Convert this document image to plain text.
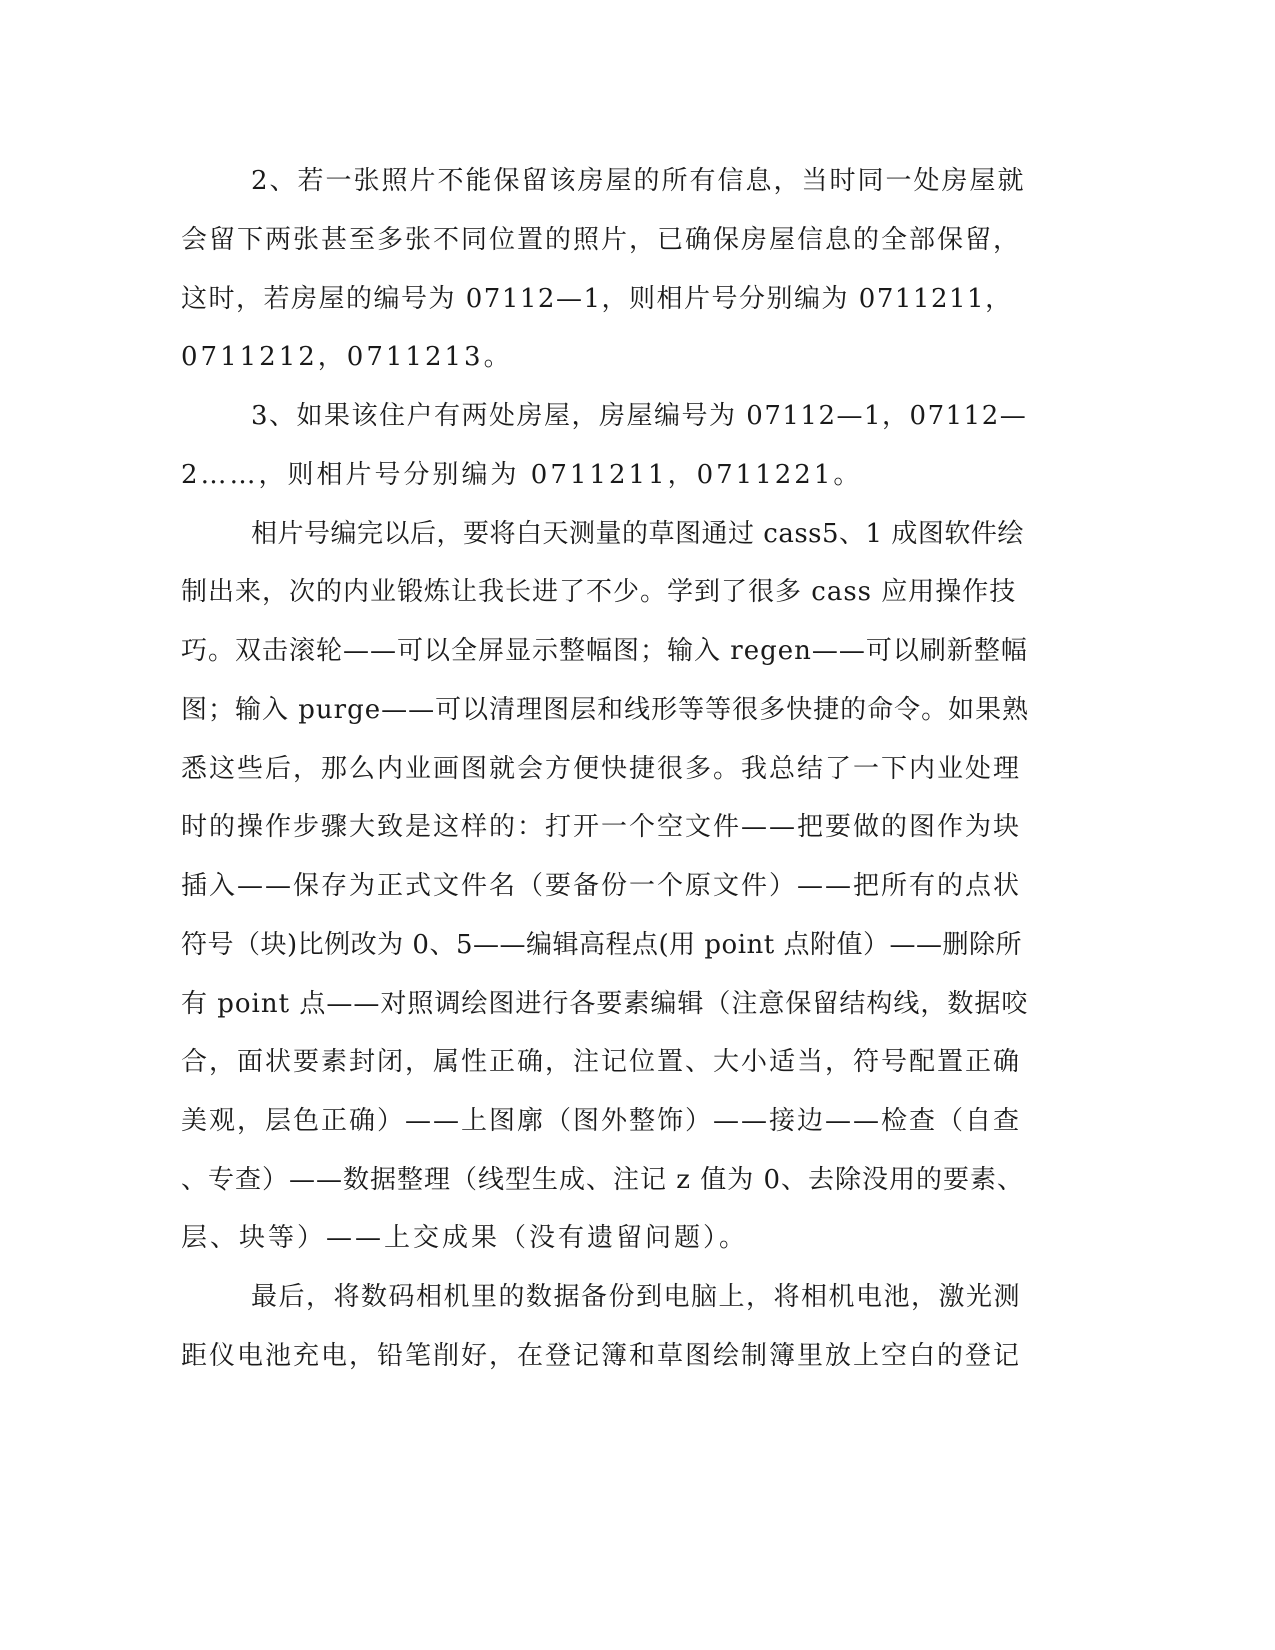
2、若一张照片不能保留该房屋的所有信息，当时同一处房屋就
会留下两张甚至多张不同位置的照片，已确保房屋信息的全部保留，
这时，若房屋的编号为 07112—1，则相片号分别编为 0711211，
0711212，0711213。
3、如果该住户有两处房屋，房屋编号为 07112—1，07112—
2……，则相片号分别编为 0711211，0711221。
相片号编完以后，要将白天测量的草图通过 cass5、1 成图软件绘
制出来，次的内业锻炼让我长进了不少。学到了很多 cass 应用操作技
巧。双击滚轮——可以全屏显示整幅图；输入 regen——可以刷新整幅
图；输入 purge——可以清理图层和线形等等很多快捷的命令。如果熟
悉这些后，那么内业画图就会方便快捷很多。我总结了一下内业处理
时的操作步骤大致是这样的：打开一个空文件——把要做的图作为块
插入——保存为正式文件名（要备份一个原文件）——把所有的点状
符号（块)比例改为 0、5——编辑高程点(用 point 点附值）——删除所
有 point 点——对照调绘图进行各要素编辑（注意保留结构线，数据咬
合，面状要素封闭，属性正确，注记位置、大小适当，符号配置正确
美观，层色正确）——上图廓（图外整饰）——接边——检查（自查
、专查）——数据整理（线型生成、注记 z 值为 0、去除没用的要素、
层、块等）——上交成果（没有遗留问题）。
最后，将数码相机里的数据备份到电脑上，将相机电池，激光测
距仪电池充电，铅笔削好，在登记簿和草图绘制簿里放上空白的登记
